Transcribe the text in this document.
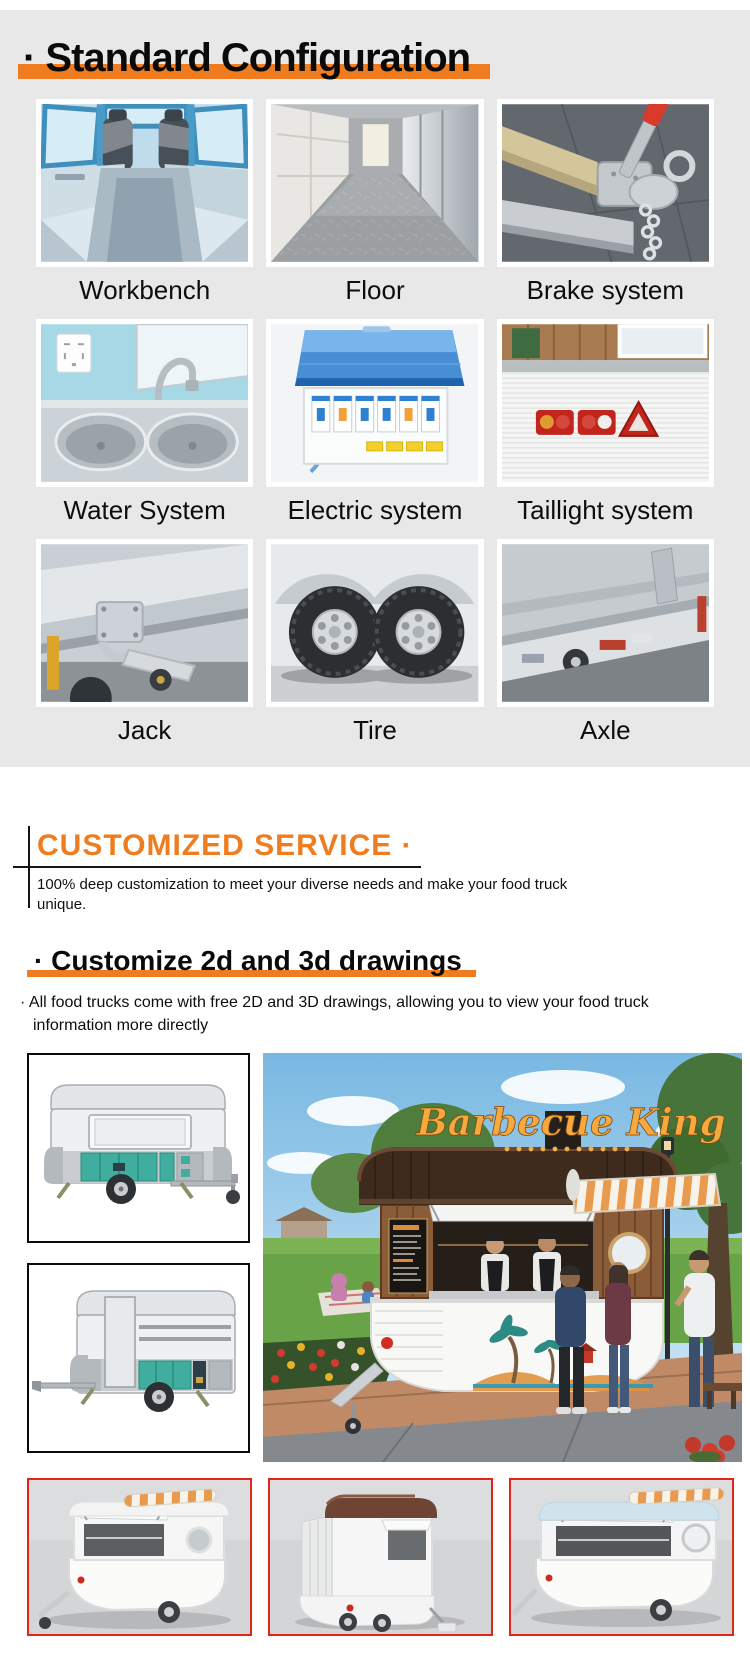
· Standard Configuration
Workbench	Floor	Brake system
Water System	Electric system	Taillight system
Jack	Tire	Axle
CUSTOMIZED SERVICE ·

100% deep customization to meet your diverse needs and make your food truck unique.

· Customize 2d and 3d drawings

· All food trucks come with free 2D and 3D drawings, allowing you to view your food truck information more directly

Barbecue King
